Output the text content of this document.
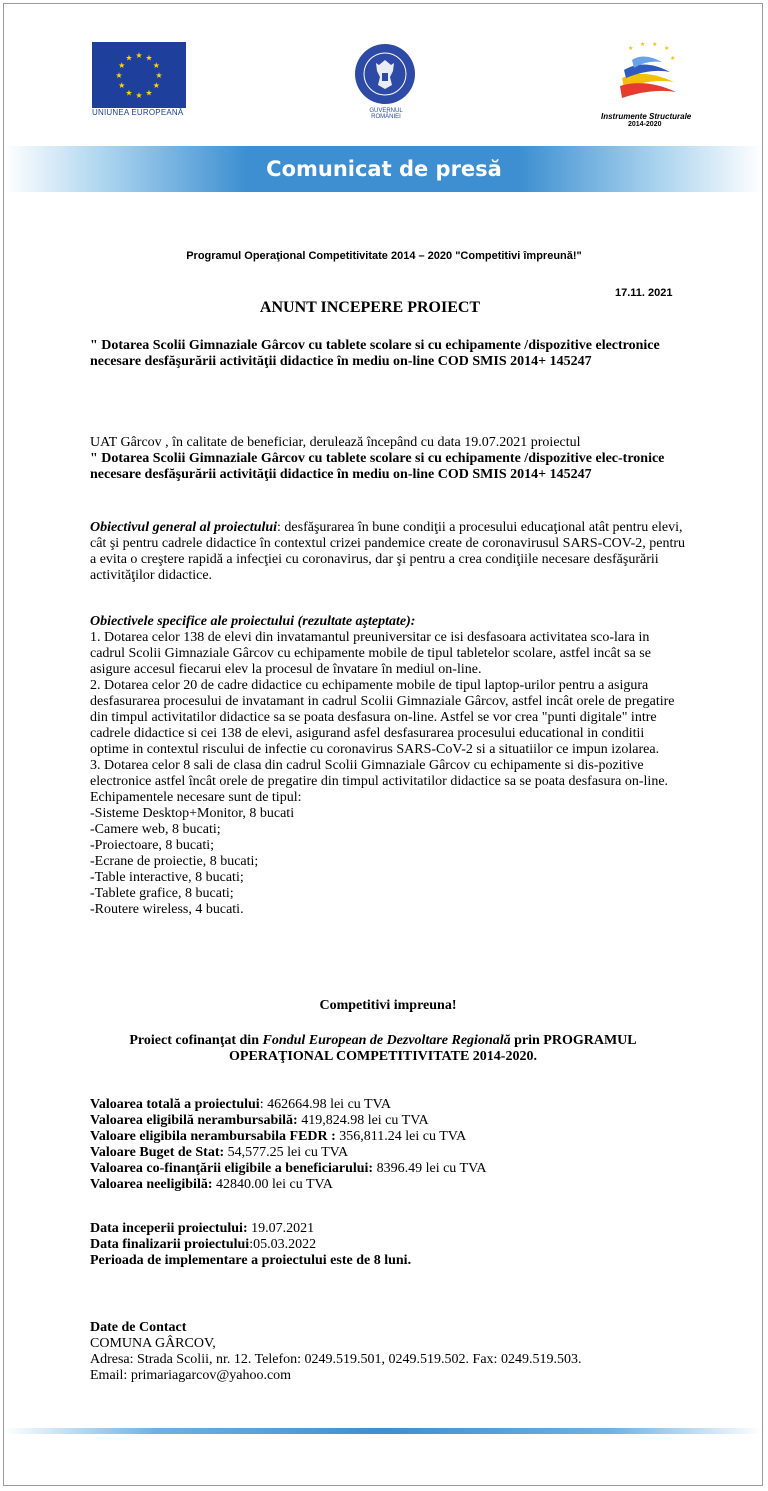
★ ★
★
★
★
★
★
★
★
★
★
★
UNIUNEA EUROPEANĂ	GUVERNUL ROMÂNIEI
★
★ ★
★
★
Instrumente Structurale
2014-2020
Comunicat de presă
Programul Operaţional Competitivitate 2014 – 2020 "Competitivi împreună!"
17.11. 2021
ANUNT INCEPERE PROIECT
" Dotarea Scolii Gimnaziale Gârcov cu tablete scolare si cu echipamente /dispozitive electronice necesare desfăşurării activităţii didactice în mediu on-line COD SMIS 2014+ 145247
UAT Gârcov , în calitate de beneficiar, derulează începând cu data 19.07.2021 proiectul
" Dotarea Scolii Gimnaziale Gârcov cu tablete scolare si cu echipamente /dispozitive elec-tronice necesare desfăşurării activităţii didactice în mediu on-line COD SMIS 2014+ 145247
Obiectivul general al proiectului: desfăşurarea în bune condiţii a procesului educaţional atât pentru elevi, cât şi pentru cadrele didactice în contextul crizei pandemice create de coronavirusul SARS-COV-2, pentru a evita o creştere rapidă a infecţiei cu coronavirus, dar şi pentru a crea condiţiile necesare desfăşurării activităţilor didactice.
Obiectivele specifice ale proiectului (rezultate aşteptate):
1. Dotarea celor 138 de elevi din invatamantul preuniversitar ce isi desfasoara activitatea sco-lara in cadrul Scolii Gimnaziale Gârcov cu echipamente mobile de tipul tabletelor scolare, astfel incât sa se asigure accesul fiecarui elev la procesul de învatare în mediul on-line.
2. Dotarea celor 20 de cadre didactice cu echipamente mobile de tipul laptop-urilor pentru a asigura desfasurarea procesului de invatamant in cadrul Scolii Gimnaziale Gârcov, astfel incât orele de pregatire din timpul activitatilor didactice sa se poata desfasura on-line. Astfel se vor crea "punti digitale" intre cadrele didactice si cei 138 de elevi, asigurand asfel desfasurarea procesului educational in conditii optime in contextul riscului de infectie cu coronavirus SARS-CoV-2 si a situatiilor ce impun izolarea.
3. Dotarea celor 8 sali de clasa din cadrul Scolii Gimnaziale Gârcov cu echipamente si dis-pozitive electronice astfel încât orele de pregatire din timpul activitatilor didactice sa se poata desfasura on-line. Echipamentele necesare sunt de tipul:
-Sisteme Desktop+Monitor, 8 bucati
-Camere web, 8 bucati;
-Proiectoare, 8 bucati;
-Ecrane de proiectie, 8 bucati;
-Table interactive, 8 bucati;
-Tablete grafice, 8 bucati;
-Routere wireless, 4 bucati.
Competitivi impreuna!
Proiect cofinanţat din Fondul European de Dezvoltare Regională prin PROGRAMUL OPERAŢIONAL COMPETITIVITATE 2014-2020.
Valoarea totală a proiectului: 462664.98 lei cu TVA
Valoarea eligibilă nerambursabilă: 419,824.98 lei cu TVA
Valoare eligibila nerambursabila FEDR : 356,811.24 lei cu TVA
Valoare Buget de Stat: 54,577.25 lei cu TVA
Valoarea co-finanţării eligibile a beneficiarului: 8396.49 lei cu TVA
Valoarea neeligibilă: 42840.00 lei cu TVA
Data inceperii proiectului: 19.07.2021
Data finalizarii proiectului:05.03.2022
Perioada de implementare a proiectului este de 8 luni.
Date de Contact
COMUNA GÂRCOV,
Adresa: Strada Scolii, nr. 12. Telefon: 0249.519.501, 0249.519.502. Fax: 0249.519.503.
Email: primariagarcov@yahoo.com
